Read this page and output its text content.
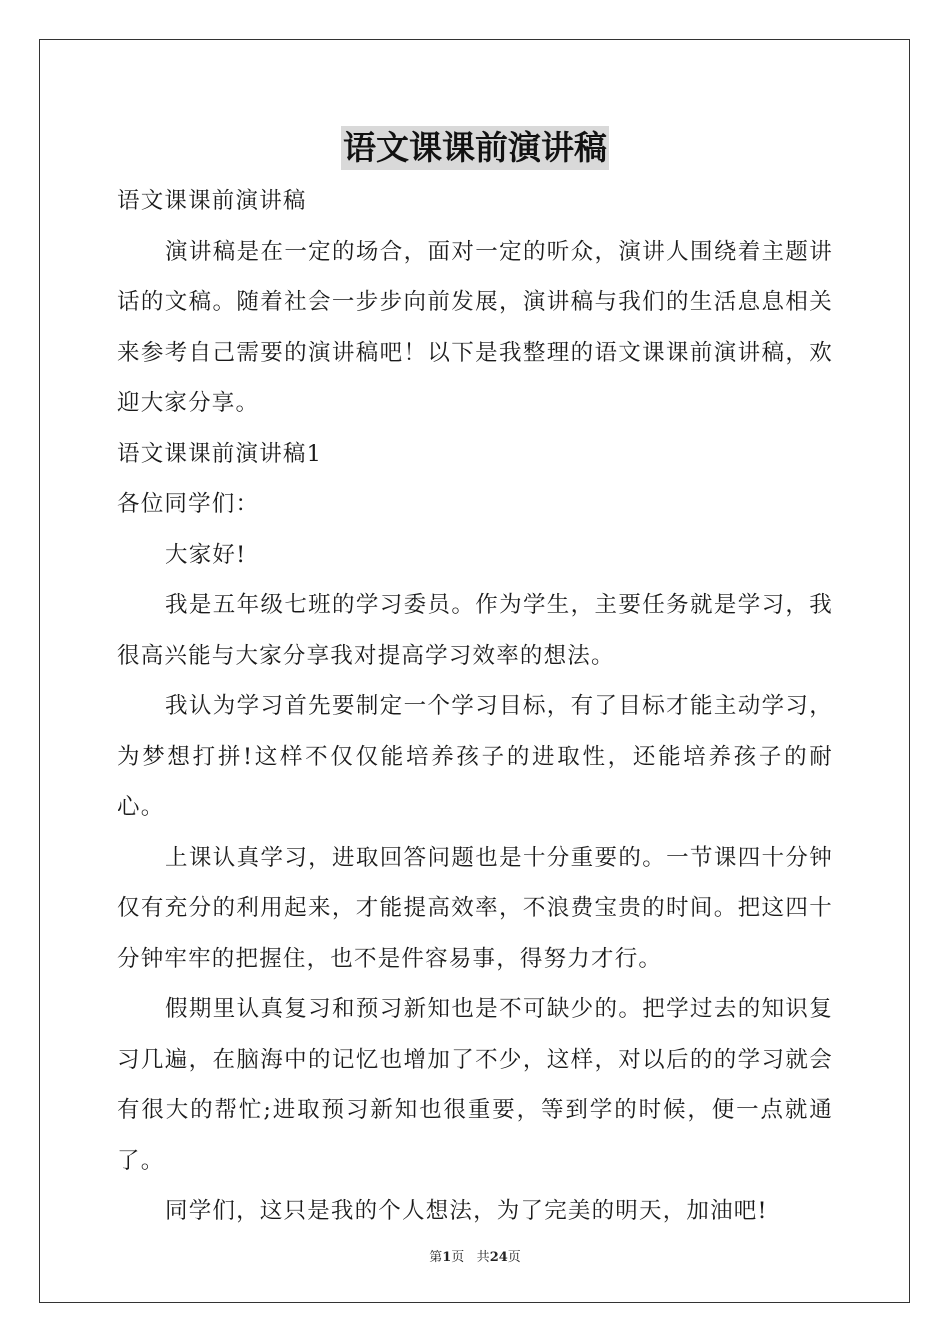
语文课课前演讲稿

语文课课前演讲稿

演讲稿是在一定的场合，面对一定的听众，演讲人围绕着主题讲话的文稿。随着社会一步步向前发展，演讲稿与我们的生活息息相关来参考自己需要的演讲稿吧！以下是我整理的语文课课前演讲稿，欢迎大家分享。

语文课课前演讲稿1

各位同学们：

大家好!

我是五年级七班的学习委员。作为学生，主要任务就是学习，我很高兴能与大家分享我对提高学习效率的想法。

我认为学习首先要制定一个学习目标，有了目标才能主动学习，为梦想打拼!这样不仅仅能培养孩子的进取性，还能培养孩子的耐心。

上课认真学习，进取回答问题也是十分重要的。一节课四十分钟仅有充分的利用起来，才能提高效率，不浪费宝贵的时间。把这四十分钟牢牢的把握住，也不是件容易事，得努力才行。

假期里认真复习和预习新知也是不可缺少的。把学过去的知识复习几遍，在脑海中的记忆也增加了不少，这样，对以后的的学习就会有很大的帮忙;进取预习新知也很重要，等到学的时候，便一点就通了。

同学们，这只是我的个人想法，为了完美的明天，加油吧!

第1页 共24页
